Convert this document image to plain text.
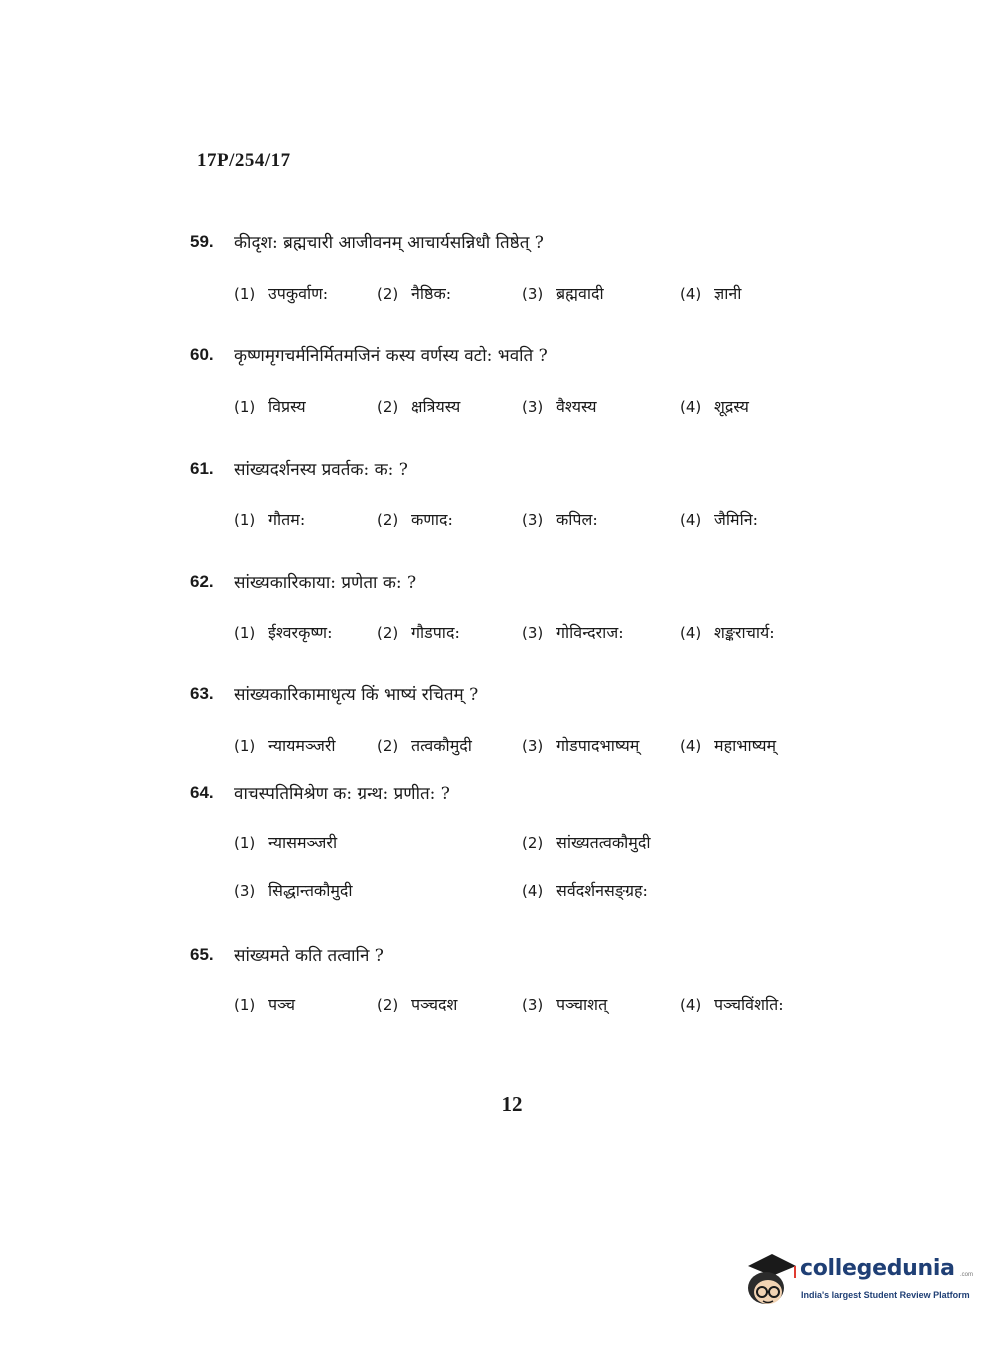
17P/254/17
59. कीदृश: ब्रह्मचारी आजीवनम् आचार्यसन्निधौ तिष्ठेत् ?
(1) उपकुर्वाण:	(2) नैष्ठिक:	(3) ब्रह्मवादी	(4) ज्ञानी
60. कृष्णमृगचर्मनिर्मितमजिनं कस्य वर्णस्य वटो: भवति ?
(1) विप्रस्य	(2) क्षत्रियस्य	(3) वैश्यस्य	(4) शूद्रस्य
61. सांख्यदर्शनस्य प्रवर्तक: क: ?
(1) गौतम:	(2) कणाद:	(3) कपिल:	(4) जैमिनि:
62. सांख्यकारिकाया: प्रणेता क: ?
(1) ईश्वरकृष्ण:	(2) गौडपाद:	(3) गोविन्दराज:	(4) शङ्कराचार्य:
63. सांख्यकारिकामाधृत्य किं भाष्यं रचितम् ?
(1) न्यायमञ्जरी	(2) तत्वकौमुदी	(3) गोडपादभाष्यम्	(4) महाभाष्यम्
64. वाचस्पतिमिश्रेण क: ग्रन्थ: प्रणीत: ?
(1) न्यासमञ्जरी	(2) सांख्यतत्वकौमुदी
(3) सिद्धान्तकौमुदी	(4) सर्वदर्शनसङ्ग्रह:
65. सांख्यमते कति तत्वानि ?
(1) पञ्च	(2) पञ्चदश	(3) पञ्चाशत्	(4) पञ्चविंशति:
12
collegedunia .com
India's largest Student Review Platform
